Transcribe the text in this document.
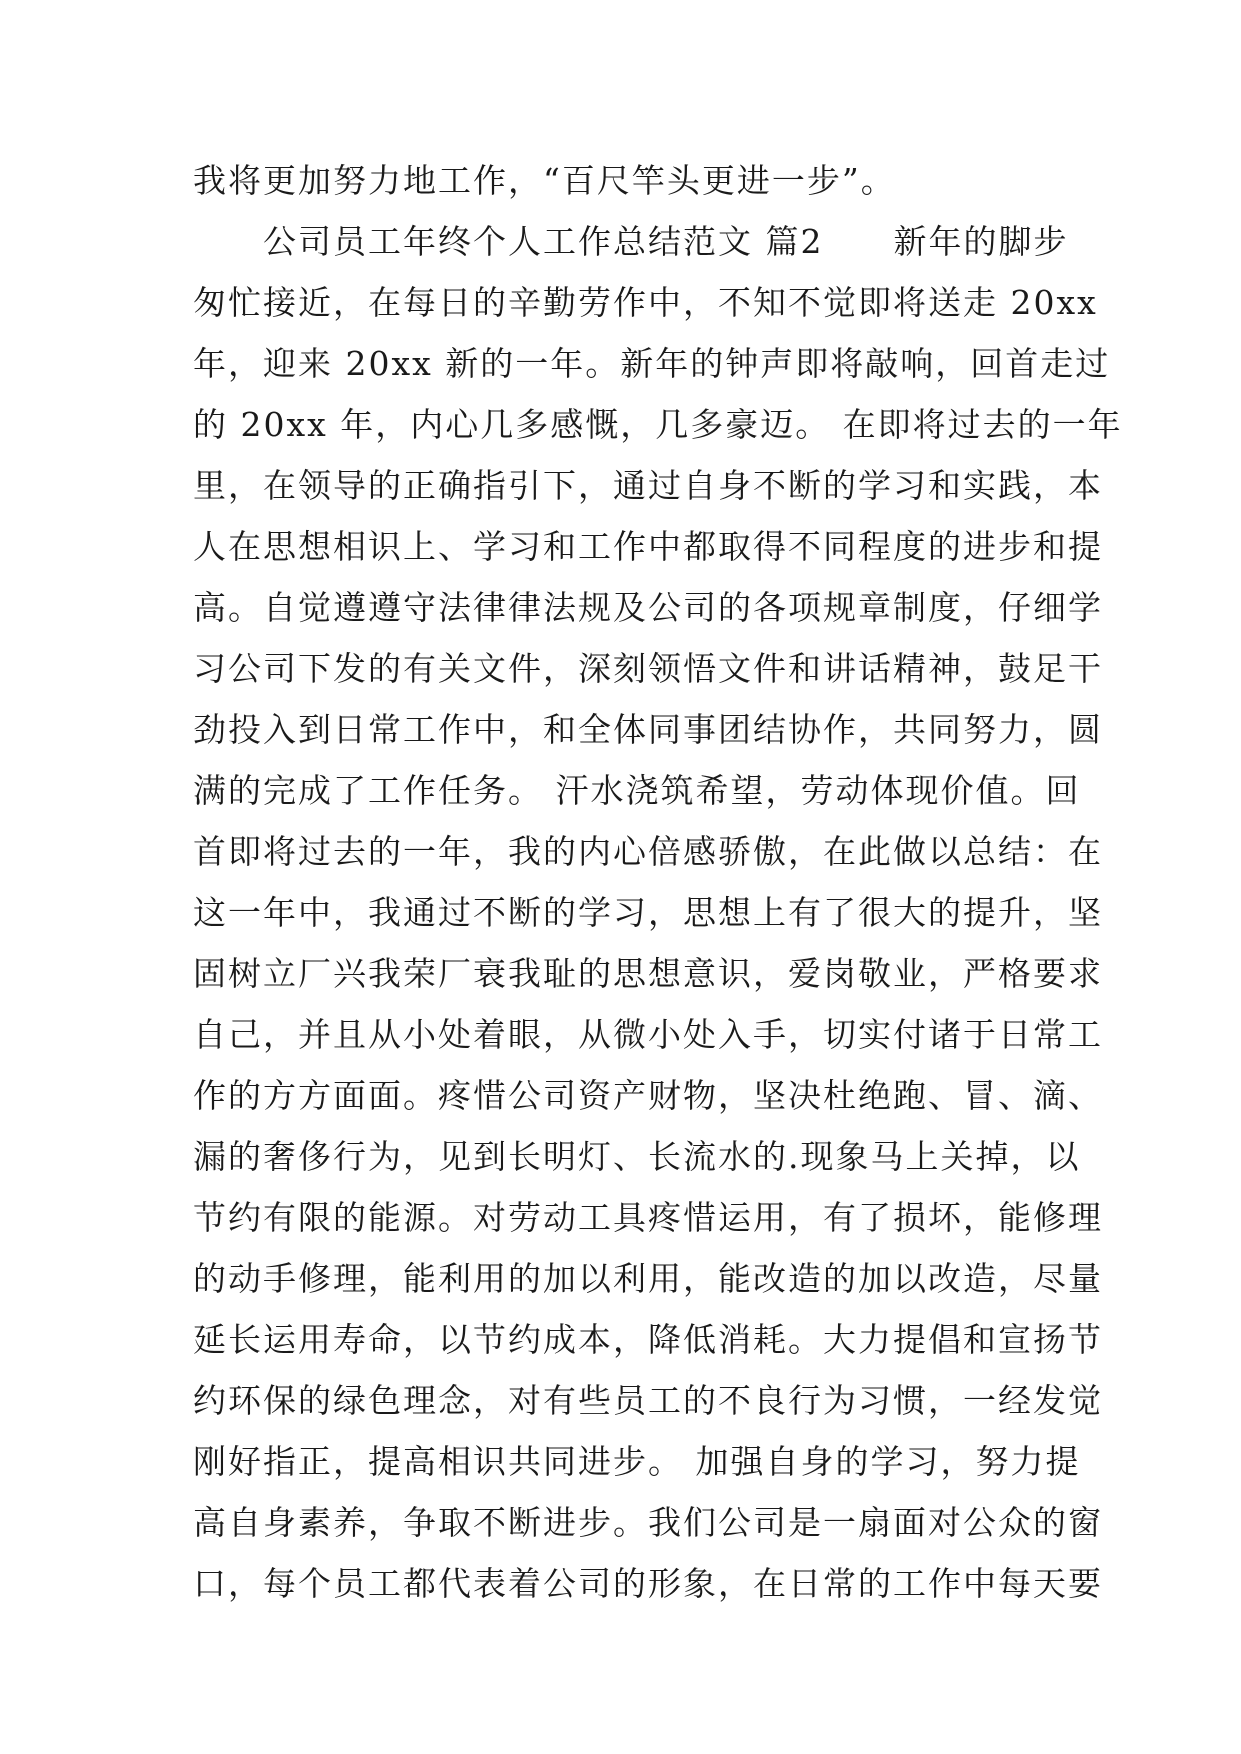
我将更加努力地工作，“百尺竿头更进一步”。
　　公司员工年终个人工作总结范文 篇2　　新年的脚步
匆忙接近，在每日的辛勤劳作中，不知不觉即将送走 20xx
年，迎来 20xx 新的一年。新年的钟声即将敲响，回首走过
的 20xx 年，内心几多感慨，几多豪迈。 在即将过去的一年
里，在领导的正确指引下，通过自身不断的学习和实践，本
人在思想相识上、学习和工作中都取得不同程度的进步和提
高。自觉遵遵守法律律法规及公司的各项规章制度，仔细学
习公司下发的有关文件，深刻领悟文件和讲话精神，鼓足干
劲投入到日常工作中，和全体同事团结协作，共同努力，圆
满的完成了工作任务。 汗水浇筑希望，劳动体现价值。回
首即将过去的一年，我的内心倍感骄傲，在此做以总结：在
这一年中，我通过不断的学习，思想上有了很大的提升，坚
固树立厂兴我荣厂衰我耻的思想意识，爱岗敬业，严格要求
自己，并且从小处着眼，从微小处入手，切实付诸于日常工
作的方方面面。疼惜公司资产财物，坚决杜绝跑、冒、滴、
漏的奢侈行为，见到长明灯、长流水的.现象马上关掉，以
节约有限的能源。对劳动工具疼惜运用，有了损坏，能修理
的动手修理，能利用的加以利用，能改造的加以改造，尽量
延长运用寿命，以节约成本，降低消耗。大力提倡和宣扬节
约环保的绿色理念，对有些员工的不良行为习惯，一经发觉
刚好指正，提高相识共同进步。 加强自身的学习，努力提
高自身素养，争取不断进步。我们公司是一扇面对公众的窗
口，每个员工都代表着公司的形象，在日常的工作中每天要
